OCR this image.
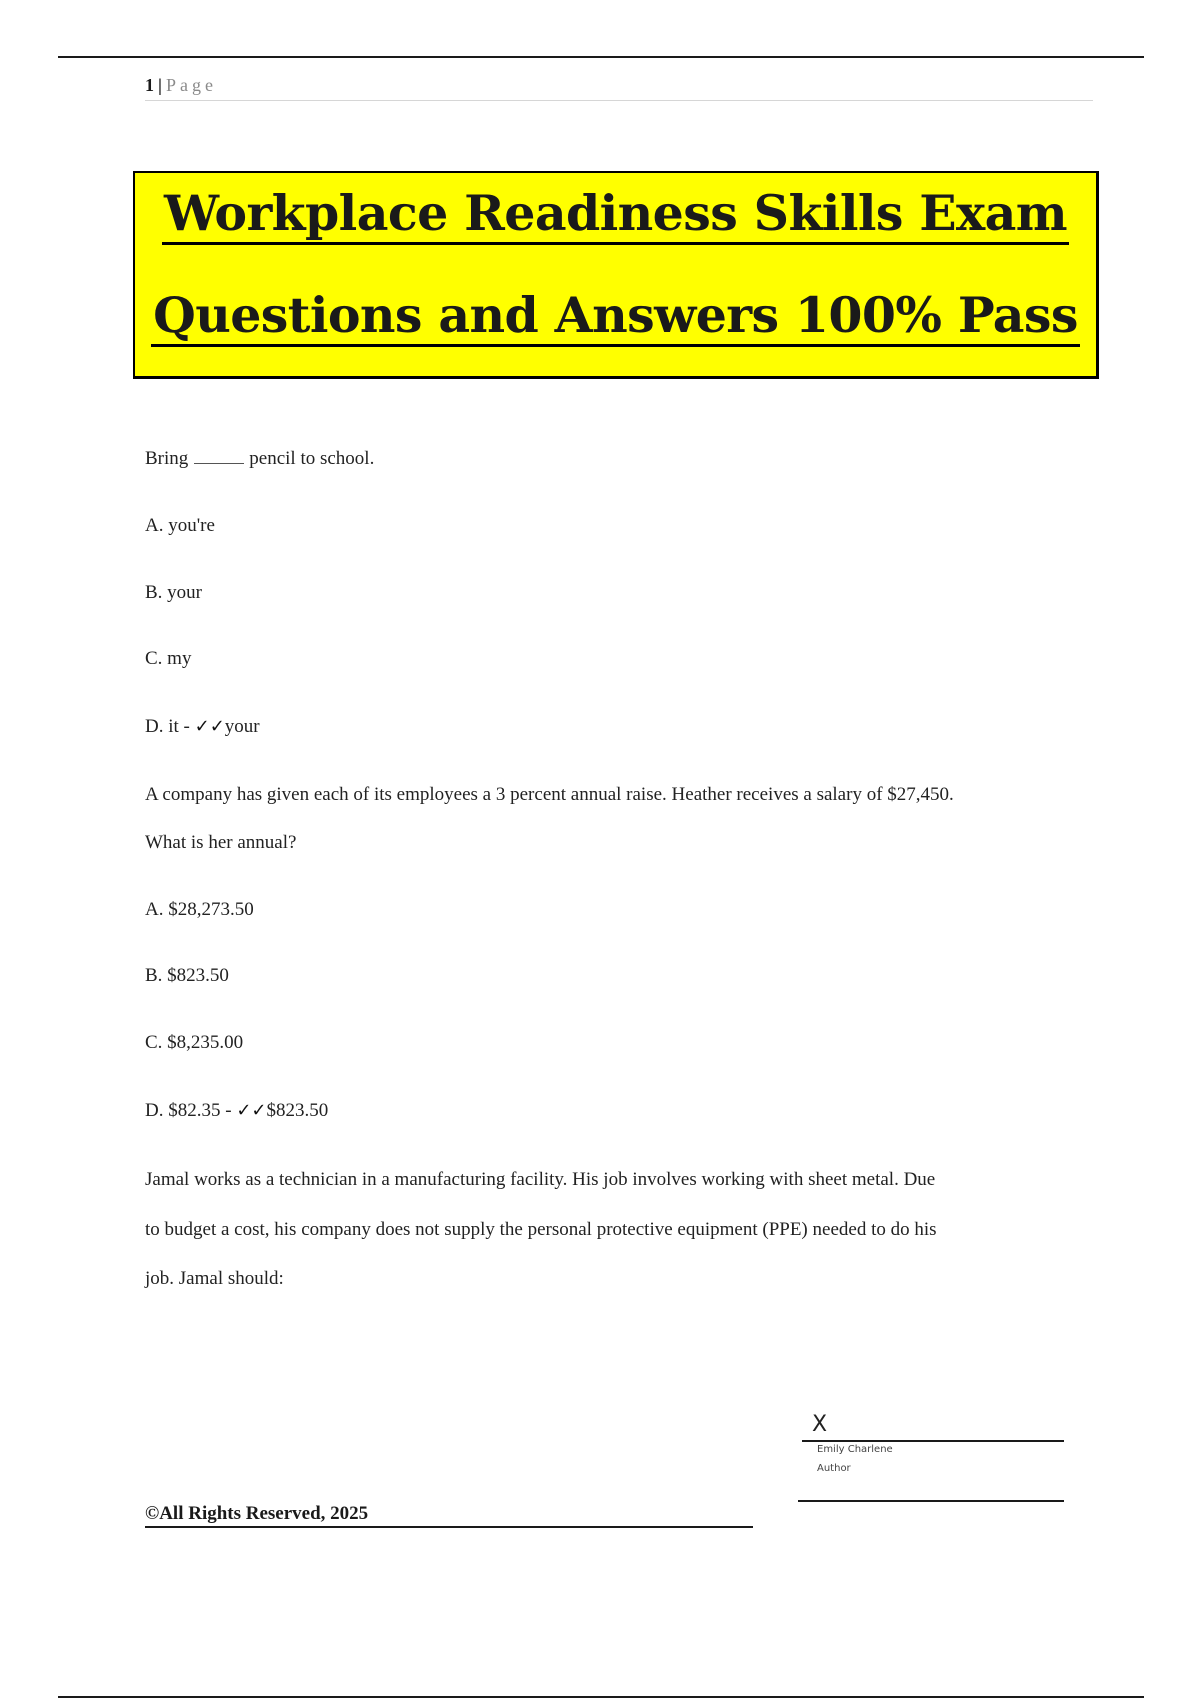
1 | Page
Workplace Readiness Skills Exam
Questions and Answers 100% Pass
Bring	pencil to school.
A. you're
B. your
C. my
D. it - ✓✓your
A company has given each of its employees a 3 percent annual raise. Heather receives a salary of $27,450.
What is her annual?
A. $28,273.50
B. $823.50
C. $8,235.00
D. $82.35 - ✓✓$823.50
Jamal works as a technician in a manufacturing facility. His job involves working with sheet metal. Due
to budget a cost, his company does not supply the personal protective equipment (PPE) needed to do his
job. Jamal should:
X
Emily Charlene
Author
©All Rights Reserved, 2025
